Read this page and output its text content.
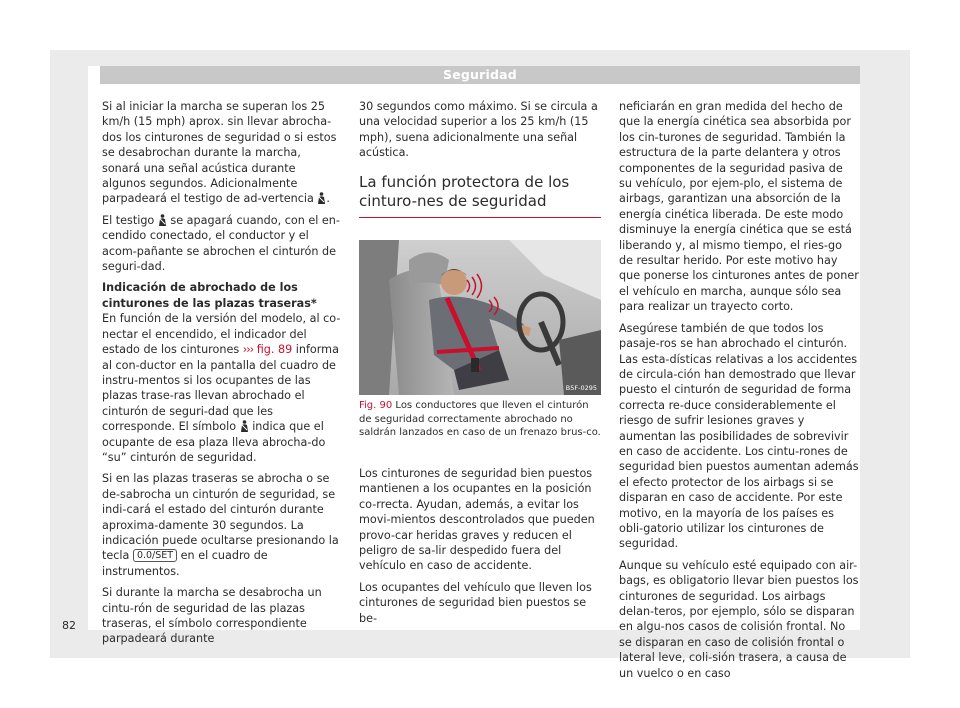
Seguridad

Si al iniciar la marcha se superan los 25 km/h (15 mph) aprox. sin llevar abrocha-dos los cinturones de seguridad o si estos se desabrochan durante la marcha, sonará una señal acústica durante algunos segundos. Adicionalmente parpadeará el testigo de ad-vertencia .

El testigo se apagará cuando, con el en-cendido conectado, el conductor y el acom-pañante se abrochen el cinturón de seguri-dad.

Indicación de abrochado de los cinturones de las plazas traseras*

En función de la versión del modelo, al co-nectar el encendido, el indicador del estado de los cinturones ››› fig. 89 informa al con-ductor en la pantalla del cuadro de instru-mentos si los ocupantes de las plazas trase-ras llevan abrochado el cinturón de seguri-dad que les corresponde. El símbolo indica que el ocupante de esa plaza lleva abrocha-do “su” cinturón de seguridad.

Si en las plazas traseras se abrocha o se de-sabrocha un cinturón de seguridad, se indi-cará el estado del cinturón durante aproxima-damente 30 segundos. La indicación puede ocultarse presionando la tecla 0.0/SET en el cuadro de instrumentos.

Si durante la marcha se desabrocha un cintu-rón de seguridad de las plazas traseras, el símbolo correspondiente parpadeará durante

30 segundos como máximo. Si se circula a una velocidad superior a los 25 km/h (15 mph), suena adicionalmente una señal acústica.

La función protectora de los cinturo-nes de seguridad
B5F-0295
Fig. 90 Los conductores que lleven el cinturón de seguridad correctamente abrochado no saldrán lanzados en caso de un frenazo brus-co.

Los cinturones de seguridad bien puestos mantienen a los ocupantes en la posición co-rrecta. Ayudan, además, a evitar los movi-mientos descontrolados que pueden provo-car heridas graves y reducen el peligro de sa-lir despedido fuera del vehículo en caso de accidente.

Los ocupantes del vehículo que lleven los cinturones de seguridad bien puestos se be-

neficiarán en gran medida del hecho de que la energía cinética sea absorbida por los cin-turones de seguridad. También la estructura de la parte delantera y otros componentes de la seguridad pasiva de su vehículo, por ejem-plo, el sistema de airbags, garantizan una absorción de la energía cinética liberada. De este modo disminuye la energía cinética que se está liberando y, al mismo tiempo, el ries-go de resultar herido. Por este motivo hay que ponerse los cinturones antes de poner el vehículo en marcha, aunque sólo sea para realizar un trayecto corto.

Asegúrese también de que todos los pasaje-ros se han abrochado el cinturón. Las esta-dísticas relativas a los accidentes de circula-ción han demostrado que llevar puesto el cinturón de seguridad de forma correcta re-duce considerablemente el riesgo de sufrir lesiones graves y aumentan las posibilidades de sobrevivir en caso de accidente. Los cintu-rones de seguridad bien puestos aumentan además el efecto protector de los airbags si se disparan en caso de accidente. Por este motivo, en la mayoría de los países es obli-gatorio utilizar los cinturones de seguridad.

Aunque su vehículo esté equipado con air-bags, es obligatorio llevar bien puestos los cinturones de seguridad. Los airbags delan-teros, por ejemplo, sólo se disparan en algu-nos casos de colisión frontal. No se disparan en caso de colisión frontal o lateral leve, coli-sión trasera, a causa de un vuelco o en caso

82
